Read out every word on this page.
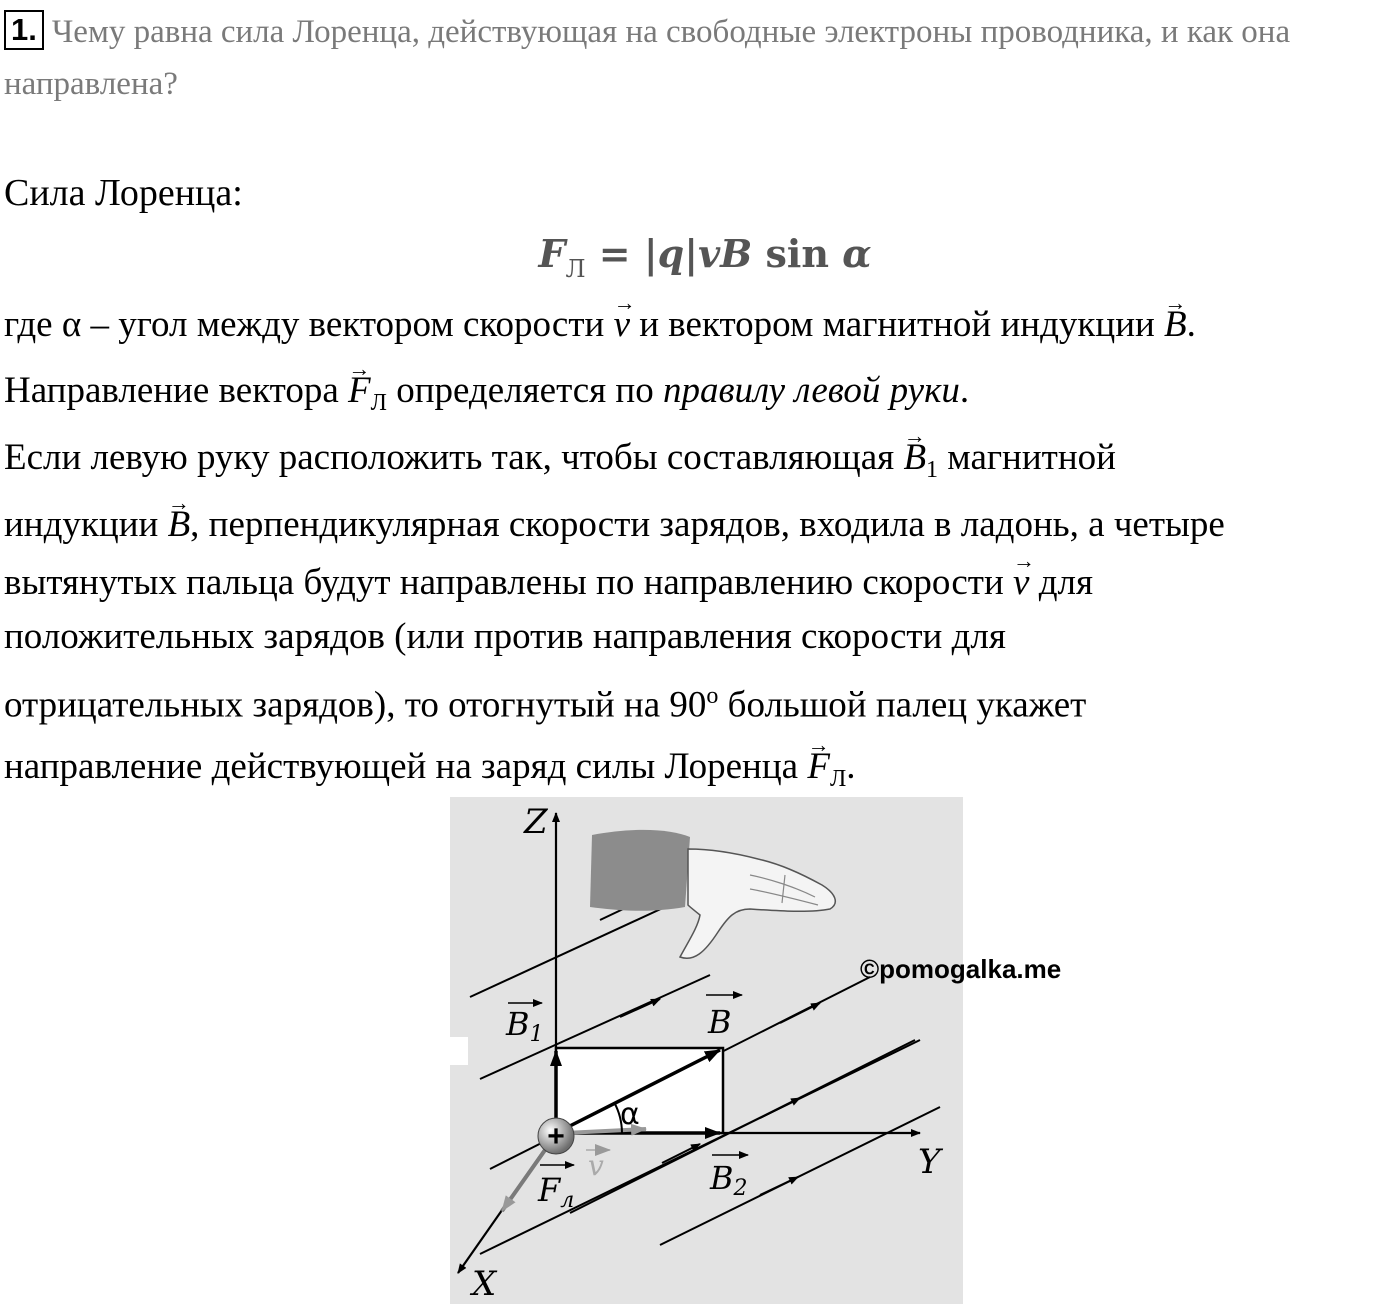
1. Чему равна сила Лоренца, действующая на свободные электроны проводника, и как она направлена?
Сила Лоренца:
$F_Л = |q|vB$ sin α
где α – угол между вектором скорости → v и вектором магнитной индукции → B.
Направление вектора → $F_Л$ определяется по правилу левой руки.
Если левую руку расположить так, чтобы составляющая → $B_1$ магнитной
индукции → B, перпендикулярная скорости зарядов, входила в ладонь, а четыре
вытянутых пальца будут направлены по направлению скорости → v для
положительных зарядов (или против направления скорости для
отрицательных зарядов), то отогнутый на 90$^o$ большой палец укажет
направление действующей на заряд силы Лоренца → $F_Л$.
+
Z
Y
X
B1	B
B2
v
Fл
α
©pomogalka.me
